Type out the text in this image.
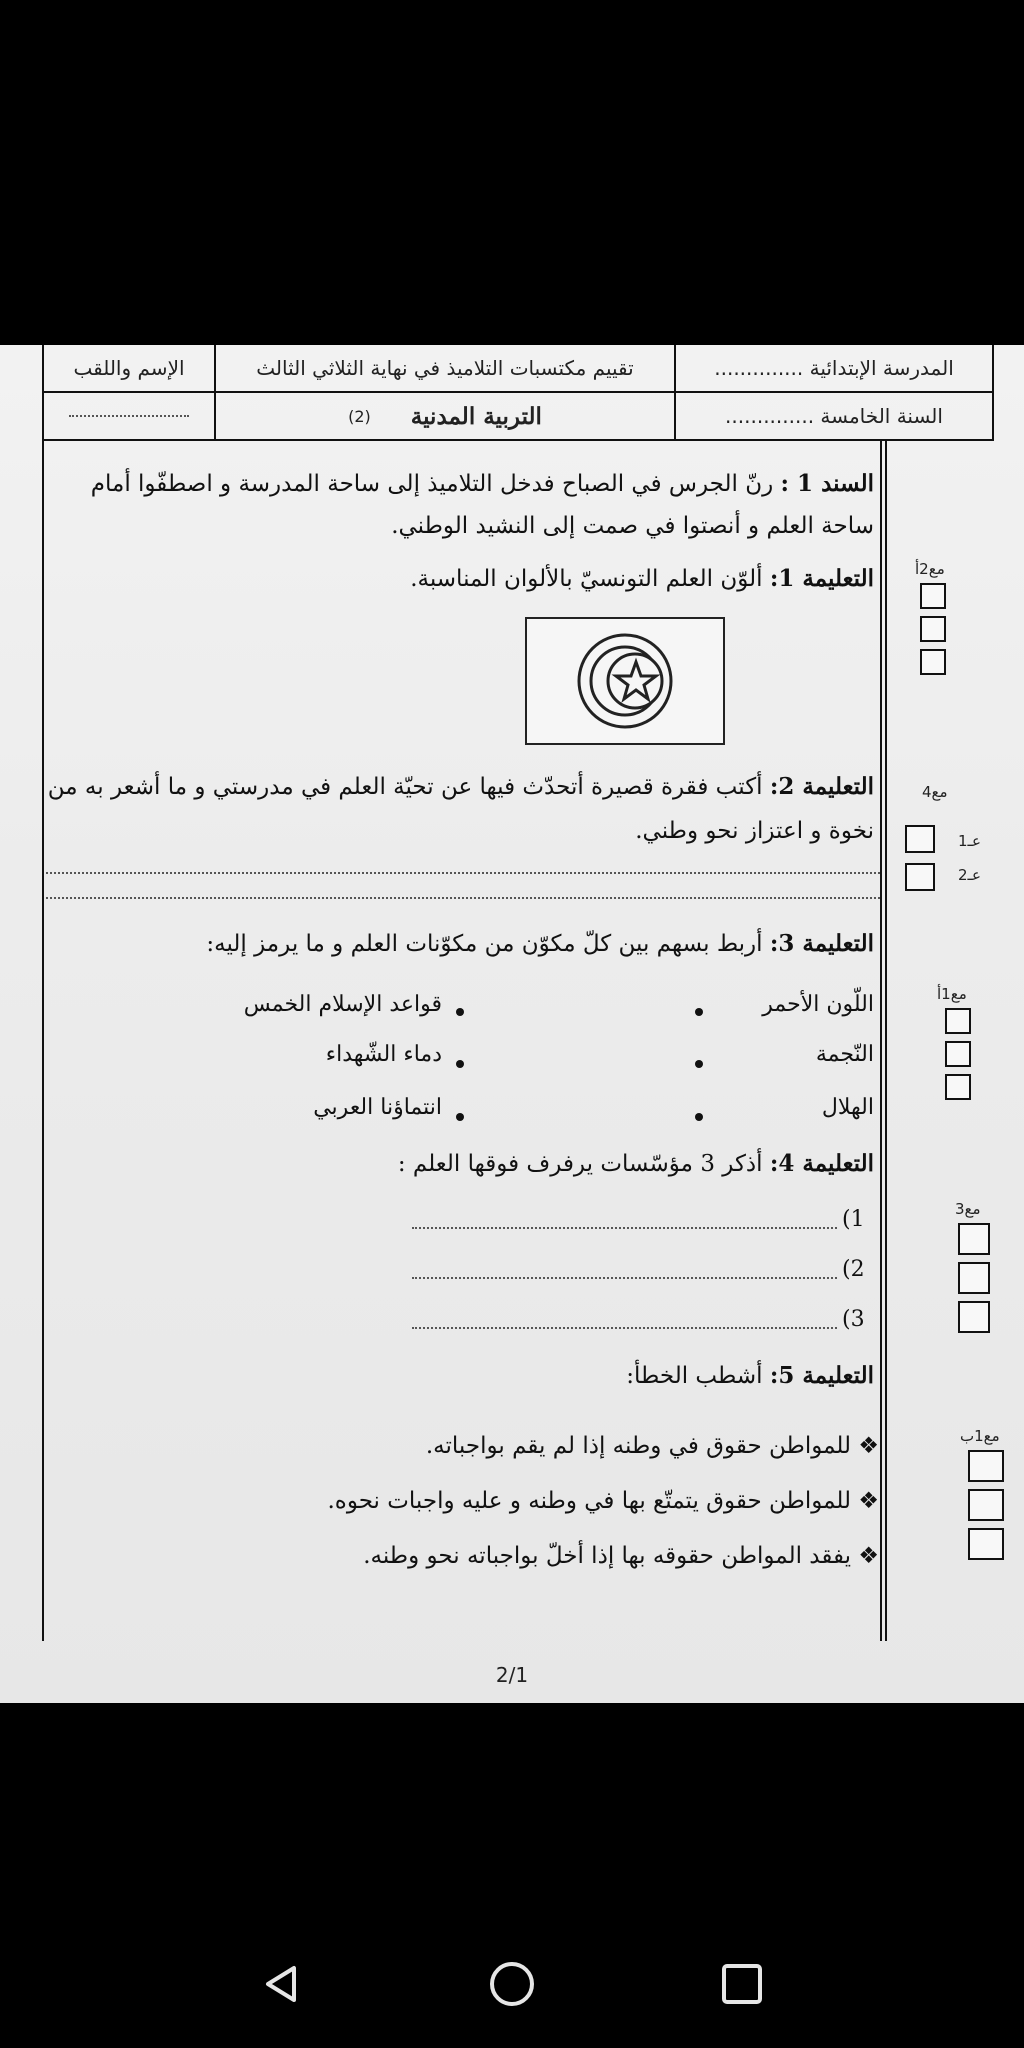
الإسم واللقب	تقييم مكتسبات التلاميذ في نهاية الثلاثي الثالث
التربية المدنية
(2)
المدرسة الإبتدائية ..............
السنة الخامسة ..............
السند 1 : رنّ الجرس في الصباح فدخل التلاميذ إلى ساحة المدرسة و اصطفّوا أمام ساحة العلم و أنصتوا في صمت إلى النشيد الوطني.
التعليمة 1: ألوّن العلم التونسيّ بالألوان المناسبة.	مع2أ
التعليمة 2: أكتب فقرة قصيرة أتحدّث فيها عن تحيّة العلم في مدرستي و ما أشعر به من نخوة و اعتزاز نحو وطني.
مع4
عـ1
عـ2
التعليمة 3: أربط بسهم بين كلّ مكوّن من مكوّنات العلم و ما يرمز إليه:
مع1أ
اللّون الأحمر
النّجمة
الهلال
قواعد الإسلام الخمس
دماء الشّهداء
انتماؤنا العربي
التعليمة 4: أذكر 3 مؤسّسات يرفرف فوقها العلم :
مع3
(1
(2
(3
التعليمة 5: أشطب الخطأ:
مع1ب
❖ للمواطن حقوق في وطنه إذا لم يقم بواجباته.
❖ للمواطن حقوق يتمتّع بها في وطنه و عليه واجبات نحوه.
❖ يفقد المواطن حقوقه بها إذا أخلّ بواجباته نحو وطنه.
2/1
